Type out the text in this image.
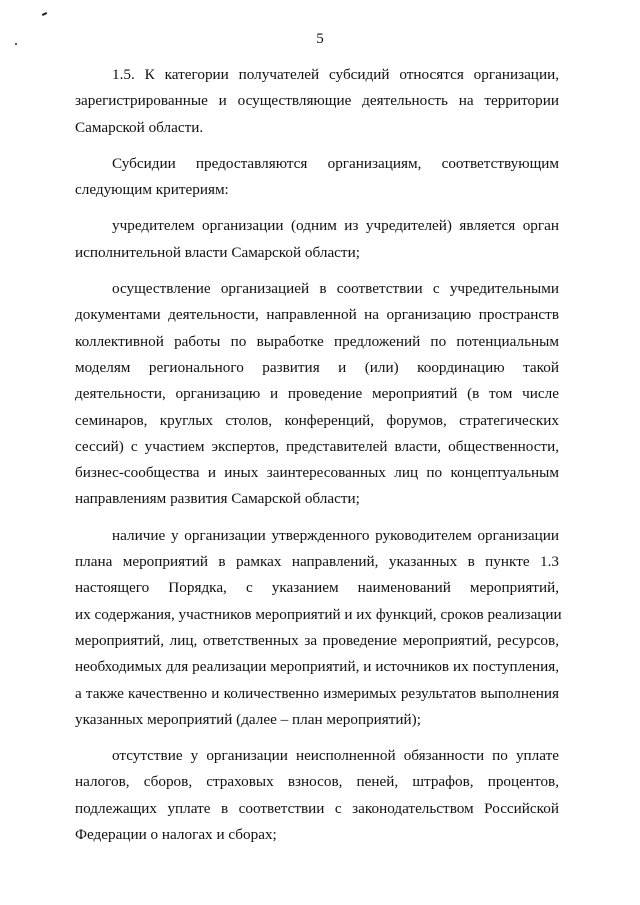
5
1.5. К категории получателей субсидий относятся организации,
зарегистрированные и осуществляющие деятельность на территории
Самарской области.
Субсидии предоставляются организациям, соответствующим
следующим критериям:
учредителем организации (одним из учредителей) является орган
исполнительной власти Самарской области;
осуществление организацией в соответствии с учредительными
документами деятельности, направленной на организацию пространств
коллективной работы по выработке предложений по потенциальным
моделям регионального развития и (или) координацию такой
деятельности, организацию и проведение мероприятий (в том числе
семинаров, круглых столов, конференций, форумов, стратегических
сессий) с участием экспертов, представителей власти, общественности,
бизнес-сообщества и иных заинтересованных лиц по концептуальным
направлениям развития Самарской области;
наличие у организации утвержденного руководителем организации
плана мероприятий в рамках направлений, указанных в пункте 1.3
настоящего Порядка, с указанием наименований мероприятий,
их содержания, участников мероприятий и их функций, сроков реализации
мероприятий, лиц, ответственных за проведение мероприятий, ресурсов,
необходимых для реализации мероприятий, и источников их поступления,
а также качественно и количественно измеримых результатов выполнения
указанных мероприятий (далее – план мероприятий);
отсутствие у организации неисполненной обязанности по уплате
налогов, сборов, страховых взносов, пеней, штрафов, процентов,
подлежащих уплате в соответствии с законодательством Российской
Федерации о налогах и сборах;
